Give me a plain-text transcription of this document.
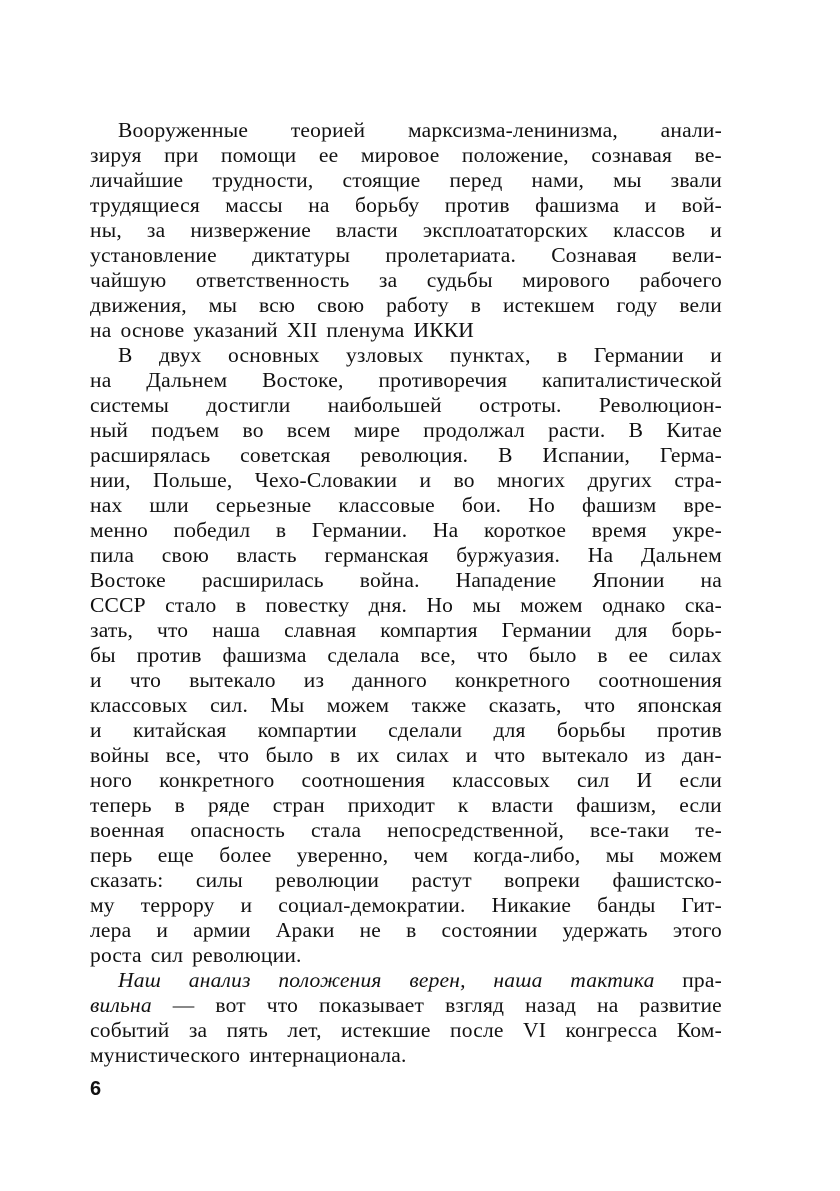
Вооруженные теорией марксизма-ленинизма, анали-
зируя при помощи ее мировое положение, сознавая ве-
личайшие трудности, стоящие перед нами, мы звали
трудящиеся массы на борьбу против фашизма и вой-
ны, за низвержение власти эксплоататорских классов и
установление диктатуры пролетариата. Сознавая вели-
чайшую ответственность за судьбы мирового рабочего
движения, мы всю свою работу в истекшем году вели
на основе указаний XII пленума ИККИ
В двух основных узловых пунктах, в Германии и
на Дальнем Востоке, противоречия капиталистической
системы достигли наибольшей остроты. Революцион-
ный подъем во всем мире продолжал расти. В Китае
расширялась советская революция. В Испании, Герма-
нии, Польше, Чехо-Словакии и во многих других стра-
нах шли серьезные классовые бои. Но фашизм вре-
менно победил в Германии. На короткое время укре-
пила свою власть германская буржуазия. На Дальнем
Востоке расширилась война. Нападение Японии на
СССР стало в повестку дня. Но мы можем однако ска-
зать, что наша славная компартия Германии для борь-
бы против фашизма сделала все, что было в ее силах
и что вытекало из данного конкретного соотношения
классовых сил. Мы можем также сказать, что японская
и китайская компартии сделали для борьбы против
войны все, что было в их силах и что вытекало из дан-
ного конкретного соотношения классовых сил И если
теперь в ряде стран приходит к власти фашизм, если
военная опасность стала непосредственной, все-таки те-
перь еще более уверенно, чем когда-либо, мы можем
сказать: силы революции растут вопреки фашистско-
му террору и социал-демократии. Никакие банды Гит-
лера и армии Араки не в состоянии удержать этого
роста сил революции.
Наш анализ положения верен, наша тактика пра-
вильна — вот что показывает взгляд назад на развитие
событий за пять лет, истекшие после VI конгресса Ком-
мунистического интернационала.
6
